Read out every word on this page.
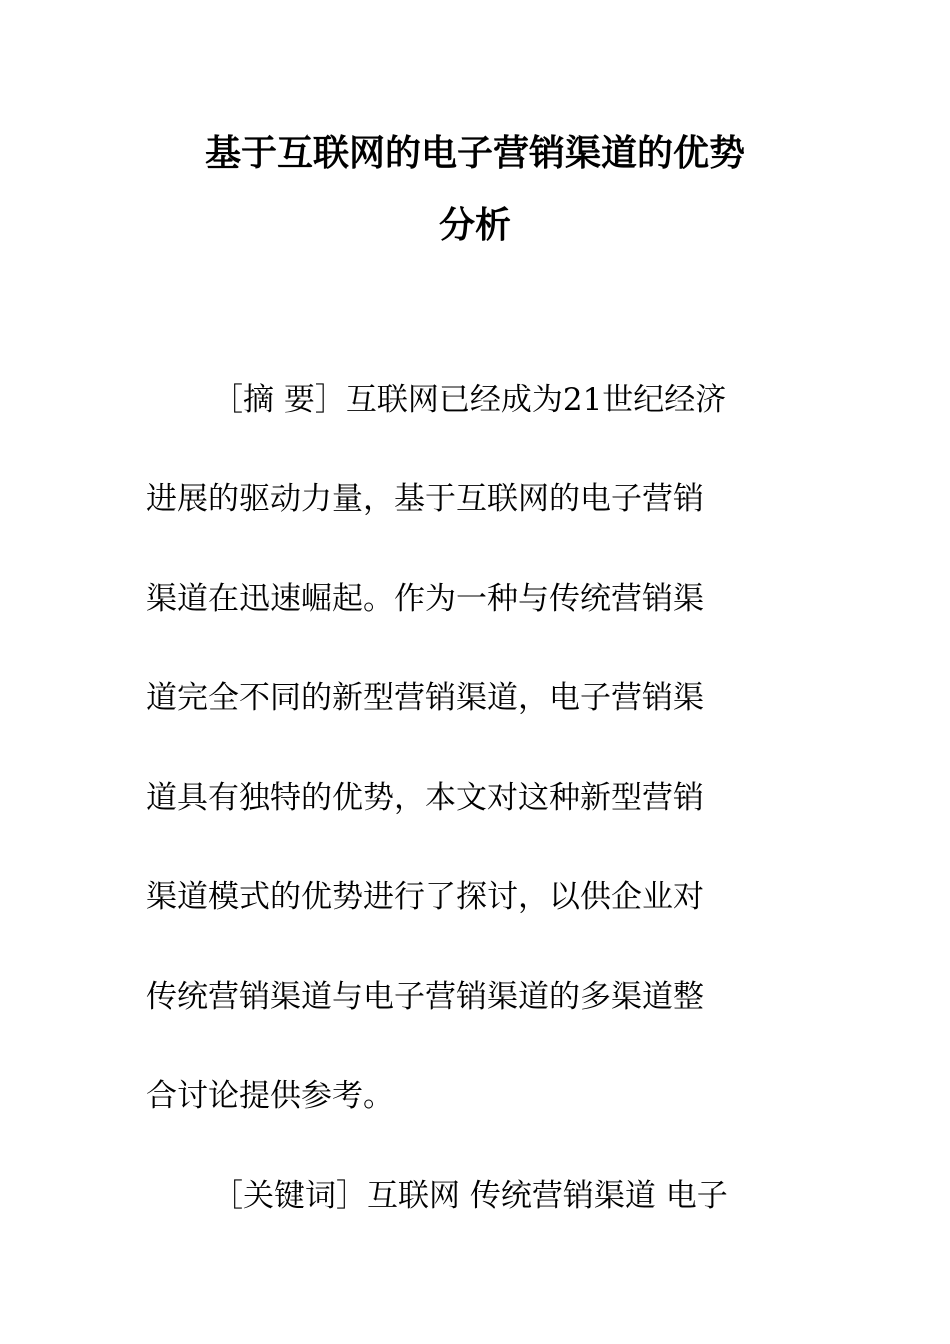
基于互联网的电子营销渠道的优势
分析
［摘 要］互联网已经成为21世纪经济
进展的驱动力量，基于互联网的电子营销
渠道在迅速崛起。作为一种与传统营销渠
道完全不同的新型营销渠道，电子营销渠
道具有独特的优势，本文对这种新型营销
渠道模式的优势进行了探讨，以供企业对
传统营销渠道与电子营销渠道的多渠道整
合讨论提供参考。
［关键词］互联网 传统营销渠道 电子
